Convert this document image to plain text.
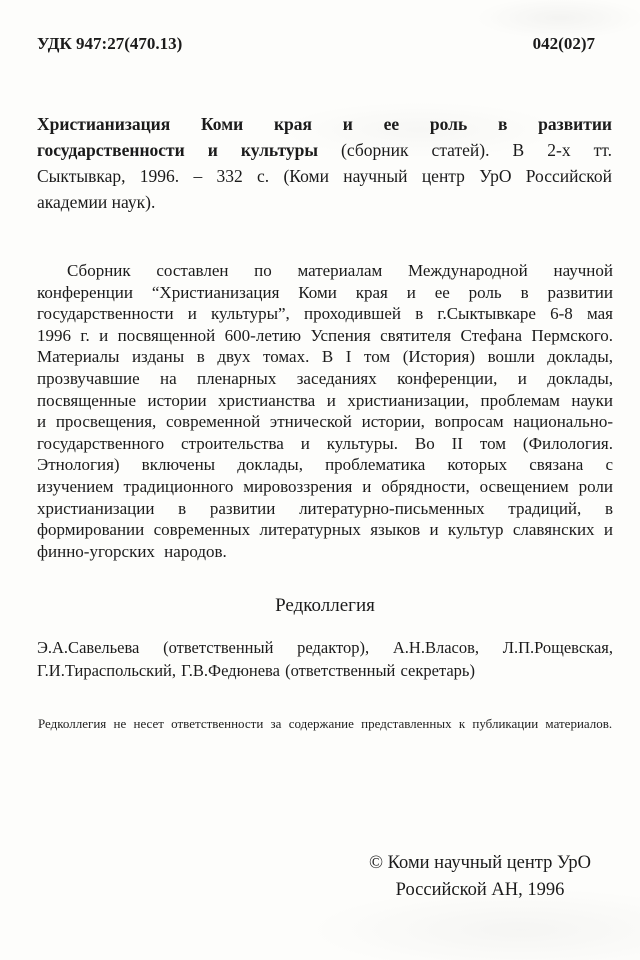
УДК 947:27(470.13)	042(02)7
Христианизация Коми края и ее роль в развитии
государственности и культуры (сборник статей). В 2-х тт.
Сыктывкар, 1996. – 332 с. (Коми научный центр УрО Российской
академии наук).

Сборник составлен по материалам Международной научной конференции “Христианизация Коми края и ее роль в развитии государственности и культуры”, проходившей в г.Сыктывкаре 6-8 мая 1996 г. и посвященной 600-летию Успения святителя Стефана Пермского. Материалы изданы в двух томах. В I том (История) вошли доклады, прозвучавшие на пленарных заседаниях конференции, и доклады, посвященные истории христианства и христианизации, проблемам науки и просвещения, современной этнической истории, вопросам национально-государственного строительства и культуры. Во II том (Филология. Этнология) включены доклады, проблематика которых связана с изучением традиционного мировоззрения и обрядности, освещением роли христианизации в развитии литературно-письменных традиций, в формировании современных литературных языков и культур славянских и финно-угорских народов.

Редколлегия

Э.А.Савельева (ответственный редактор), А.Н.Власов, Л.П.Рощевская, Г.И.Тираспольский, Г.В.Федюнева (ответственный секретарь)

Редколлегия не несет ответственности за содержание представленных к публикации материалов.

© Коми научный центр УрО
Российской АН, 1996
